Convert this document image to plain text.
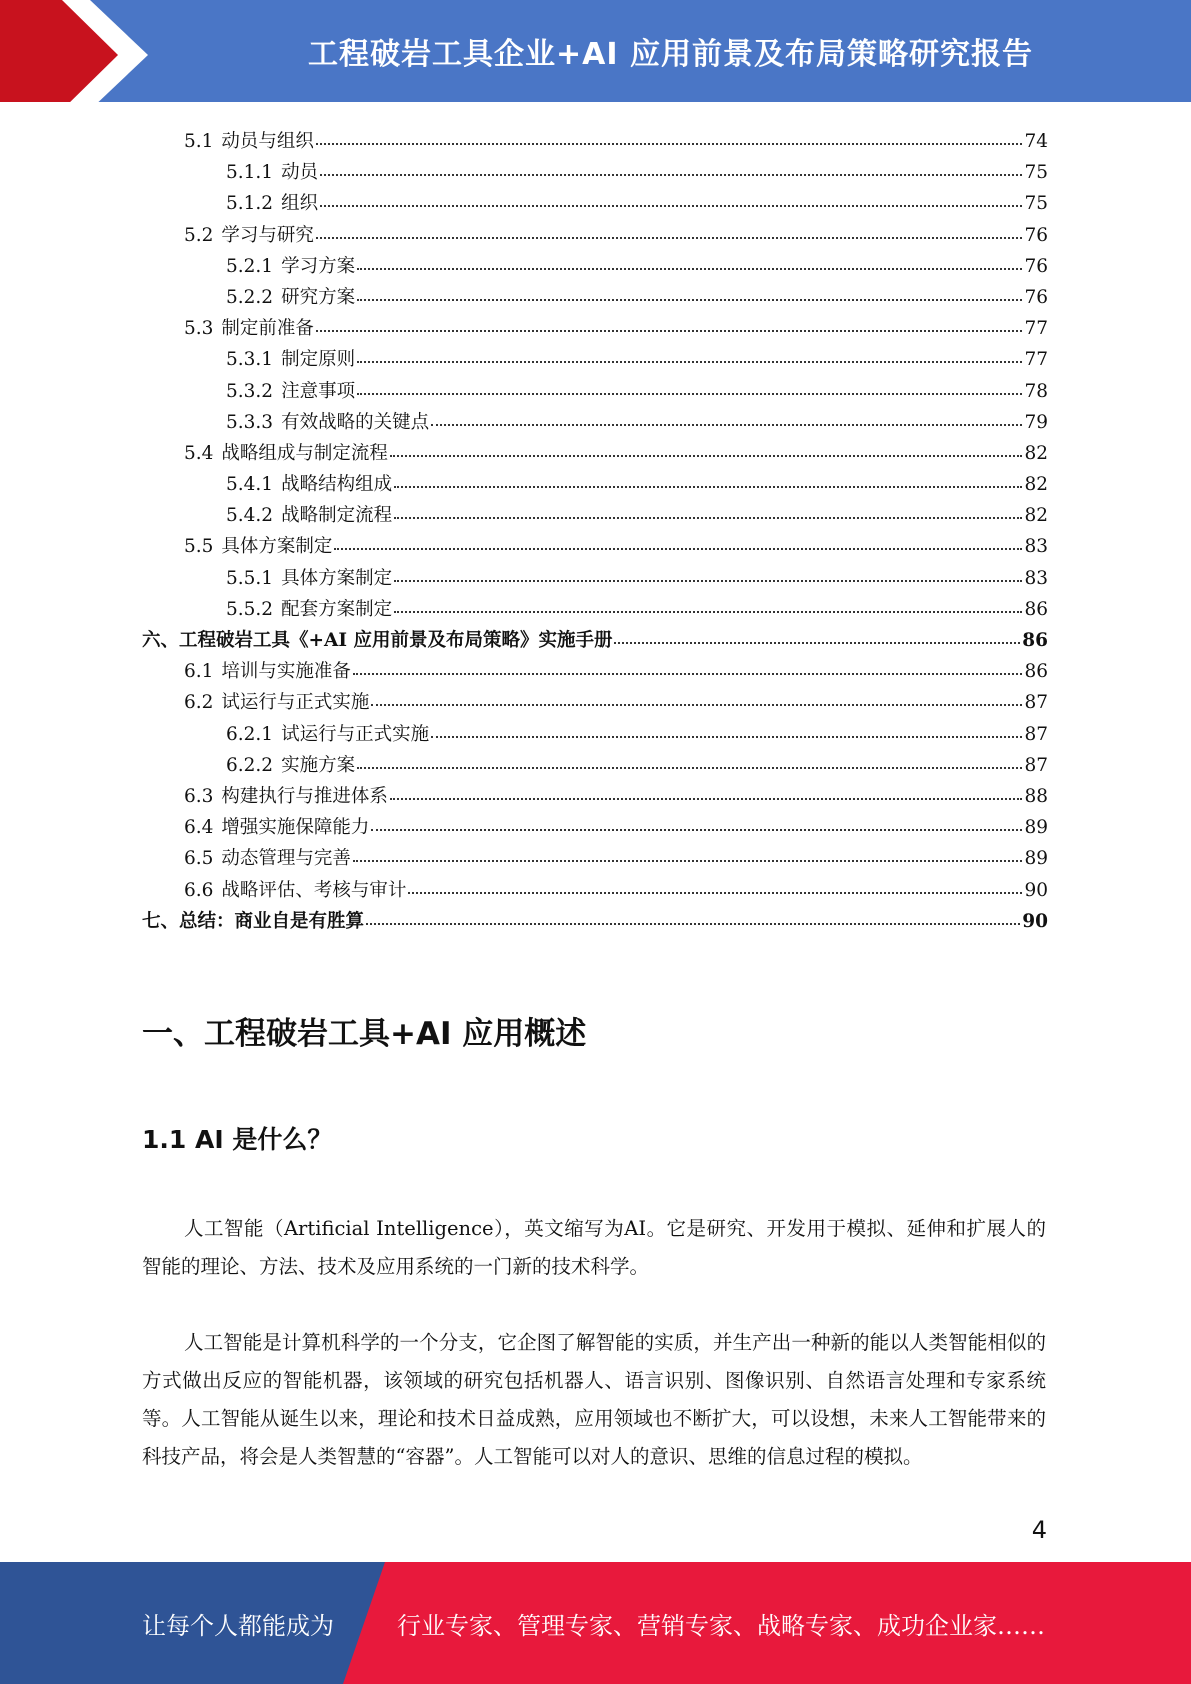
工程破岩工具企业+AI 应用前景及布局策略研究报告
5.1 动员与组织	74
5.1.1 动员	75
5.1.2 组织	75
5.2 学习与研究	76
5.2.1 学习方案	76
5.2.2 研究方案	76
5.3 制定前准备	77
5.3.1 制定原则	77
5.3.2 注意事项	78
5.3.3 有效战略的关键点	79
5.4 战略组成与制定流程	82
5.4.1 战略结构组成	82
5.4.2 战略制定流程	82
5.5 具体方案制定	83
5.5.1 具体方案制定	83
5.5.2 配套方案制定	86
六、工程破岩工具《+AI 应用前景及布局策略》实施手册	86
6.1 培训与实施准备	86
6.2 试运行与正式实施	87
6.2.1 试运行与正式实施	87
6.2.2 实施方案	87
6.3 构建执行与推进体系	88
6.4 增强实施保障能力	89
6.5 动态管理与完善	89
6.6 战略评估、考核与审计	90
七、总结：商业自是有胜算	90
一、工程破岩工具+AI 应用概述
1.1 AI 是什么？
人工智能（Artificial Intelligence），英文缩写为AI。它是研究、开发用于模拟、延伸和扩展人的智能的理论、方法、技术及应用系统的一门新的技术科学。
人工智能是计算机科学的一个分支，它企图了解智能的实质，并生产出一种新的能以人类智能相似的方式做出反应的智能机器，该领域的研究包括机器人、语言识别、图像识别、自然语言处理和专家系统等。人工智能从诞生以来，理论和技术日益成熟，应用领域也不断扩大，可以设想，未来人工智能带来的科技产品，将会是人类智慧的“容器”。人工智能可以对人的意识、思维的信息过程的模拟。
4
让每个人都能成为	行业专家、管理专家、营销专家、战略专家、成功企业家……
